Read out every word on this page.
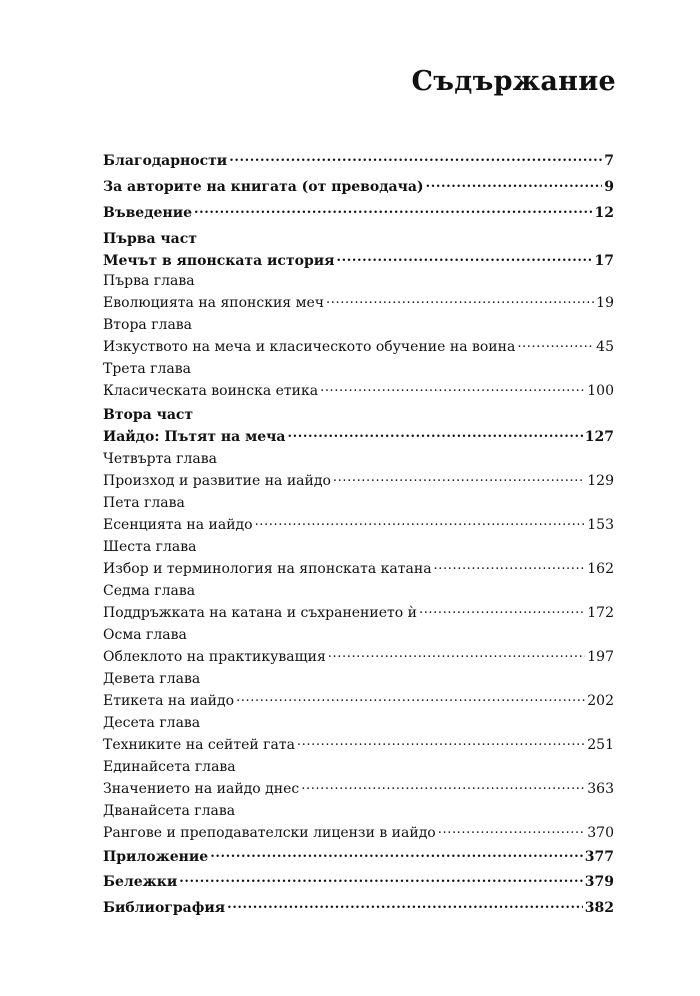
Съдържание
Благодарности .....	7
За авторите на книгата (от преводача) .....	9
Въведение .....	12
Първа част
Мечът в японската история .....	17
Първа глава
Еволюцията на японския меч .....	19
Втора глава
Изкуството на меча и класическото обучение на воина .....	45
Трета глава
Класическата воинска етика .....	100
Втора част
Иайдо: Пътят на меча .....	127
Четвърта глава
Произход и развитие на иайдо .....	129
Пета глава
Есенцията на иайдо .....	153
Шеста глава
Избор и терминология на японската катана .....	162
Седма глава
Поддръжката на катана и съхранението ѝ .....	172
Осма глава
Облеклото на практикуващия .....	197
Девета глава
Етикета на иайдо .....	202
Десета глава
Техниките на сейтей гата .....	251
Единайсета глава
Значението на иайдо днес .....	363
Дванайсета глава
Рангове и преподавателски лицензи в иайдо .....	370
Приложение .....	377
Бележки .....	379
Библиография .....	382
